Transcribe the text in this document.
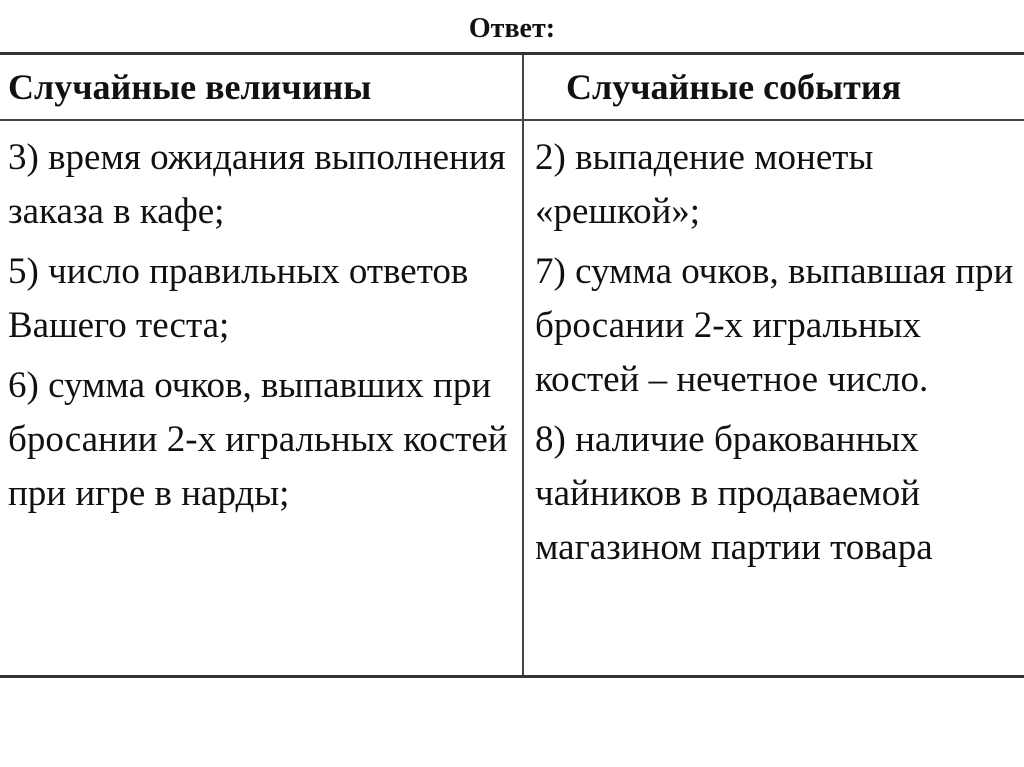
Ответ:
Случайные величины	Случайные события

3) время ожидания выполнения заказа в кафе;

5) число правильных ответов Вашего теста;

6) сумма очков, выпавших при бросании 2-х игральных костей при игре в нарды;

2) выпадение монеты «решкой»;

7) сумма очков, выпавшая при бросании 2-х игральных костей – нечетное число.

8) наличие бракованных чайников в продаваемой магазином партии товара
